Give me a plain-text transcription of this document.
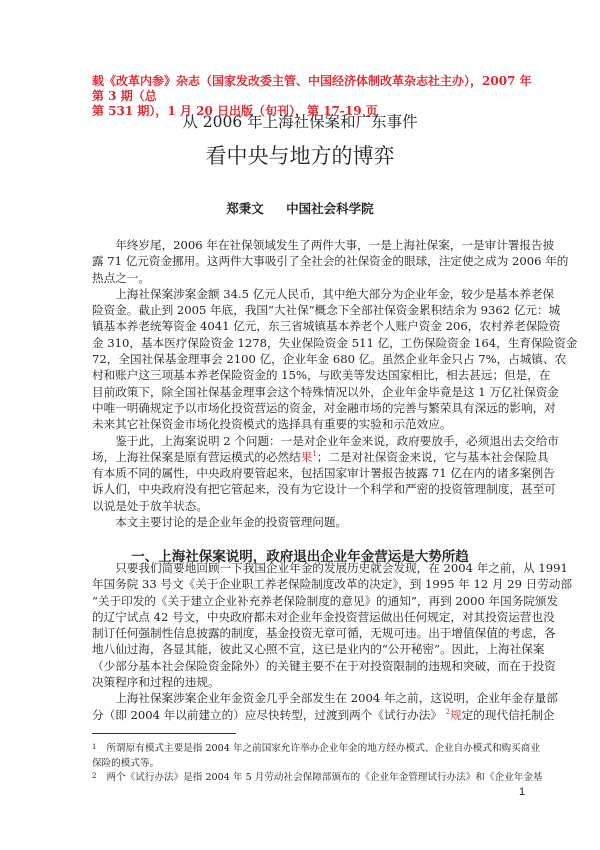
载《改革内参》杂志（国家发改委主管、中国经济体制改革杂志社主办），2007 年第 3 期（总
第 531 期），1 月 20 日出版（旬刊），第 17-19 页
从 2006 年上海社保案和广东事件
看中央与地方的博弈
郑秉文 中国社会科学院
年终岁尾，2006 年在社保领域发生了两件大事，一是上海社保案，一是审计署报告披
露 71 亿元资金挪用。这两件大事吸引了全社会的社保资金的眼球，注定使之成为 2006 年的
热点之一。
上海社保案涉案金额 34.5 亿元人民币，其中绝大部分为企业年金，较少是基本养老保
险资金。截止到 2005 年底，我国“大社保”概念下全部社保资金累积结余为 9362 亿元：城
镇基本养老统筹资金 4041 亿元，东三省城镇基本养老个人账户资金 206，农村养老保险资
金 310，基本医疗保险资金 1278，失业保险资金 511 亿，工伤保险资金 164，生育保险资金
72，全国社保基金理事会 2100 亿，企业年金 680 亿。虽然企业年金只占 7%，占城镇、农
村和账户这三项基本养老保险资金的 15%，与欧美等发达国家相比，相去甚远；但是，在
目前政策下，除全国社保基金理事会这个特殊情况以外，企业年金毕竟是这 1 万亿社保资金
中唯一明确规定予以市场化投资营运的资金，对金融市场的完善与繁荣具有深远的影响，对
未来其它社保资金市场化投资模式的选择具有重要的实验和示范效应。
鉴于此，上海案说明 2 个问题：一是对企业年金来说，政府要放手，必须退出去交给市
场，上海社保案是原有营运模式的必然结果$^1$；二是对社保资金来说，它与基本社会保险具
有本质不同的属性，中央政府要管起来，包括国家审计署报告披露 71 亿在内的诸多案例告
诉人们，中央政府没有把它管起来，没有为它设计一个科学和严密的投资管理制度，甚至可
以说是处于放羊状态。
本文主要讨论的是企业年金的投资管理问题。
一、上海社保案说明，政府退出企业年金营运是大势所趋
只要我们简要地回顾一下我国企业年金的发展历史就会发现，在 2004 年之前，从 1991
年国务院 33 号文《关于企业职工养老保险制度改革的决定》，到 1995 年 12 月 29 日劳动部
“关于印发的《关于建立企业补充养老保险制度的意见》的通知”，再到 2000 年国务院颁发
的辽宁试点 42 号文，中央政府都未对企业年金投资营运做出任何规定，对其投资运营也没
制订任何强制性信息披露的制度，基金投资无章可循，无规可违。出于增值保值的考虑，各
地八仙过海，各显其能，彼此又心照不宣，这已是业内的“公开秘密”。因此，上海社保案
（少部分基本社会保险资金除外）的关键主要不在于对投资限制的违规和突破，而在于投资
决策程序和过程的违规。
上海社保案涉案企业年金资金几乎全部发生在 2004 年之前，这说明，企业年金存量部
分（即 2004 年以前建立的）应尽快转型，过渡到两个《试行办法》 $^2$规定的现代信托制企
$^1$ 所谓原有模式主要是指 2004 年之前国家允许举办企业年金的地方经办模式、企业自办模式和购买商业
保险的模式等。
$^2$ 两个《试行办法》是指 2004 年 5 月劳动社会保障部颁布的《企业年金管理试行办法》和《企业年金基
1
